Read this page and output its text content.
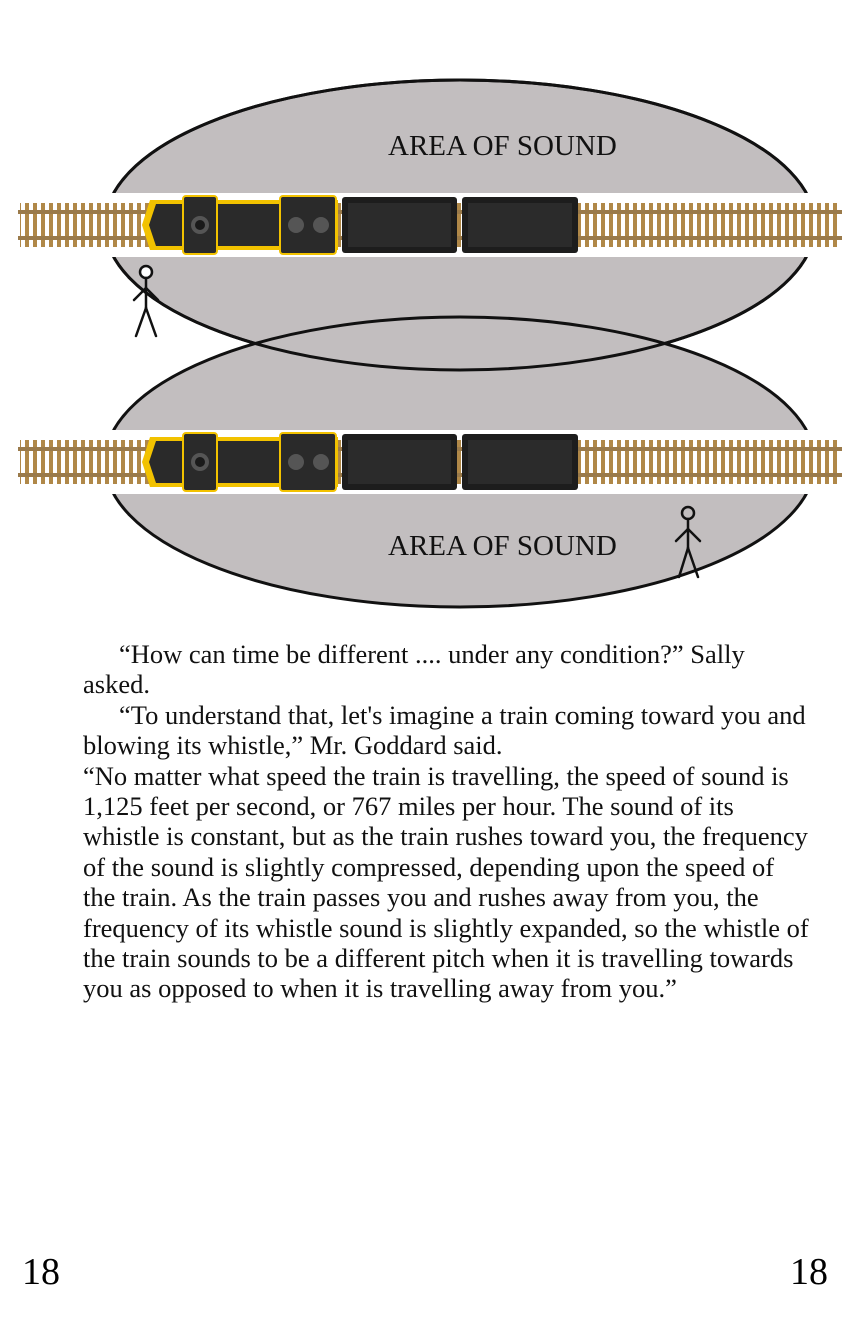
AREA OF SOUND
AREA OF SOUND

“How can time be different .... under any condition?” Sally asked.

“To understand that, let's imagine a train coming toward you and blowing its whistle,” Mr. Goddard said.

“No matter what speed the train is travelling, the speed of sound is 1,125 feet per second, or 767 miles per hour. The sound of its whistle is constant, but as the train rushes toward you, the frequency of the sound is slightly compressed, depending upon the speed of the train. As the train passes you and rushes away from you, the frequency of its whistle sound is slightly expanded, so the whistle of the train sounds to be a different pitch when it is travelling towards you as opposed to when it is travelling away from you.”

18	18
